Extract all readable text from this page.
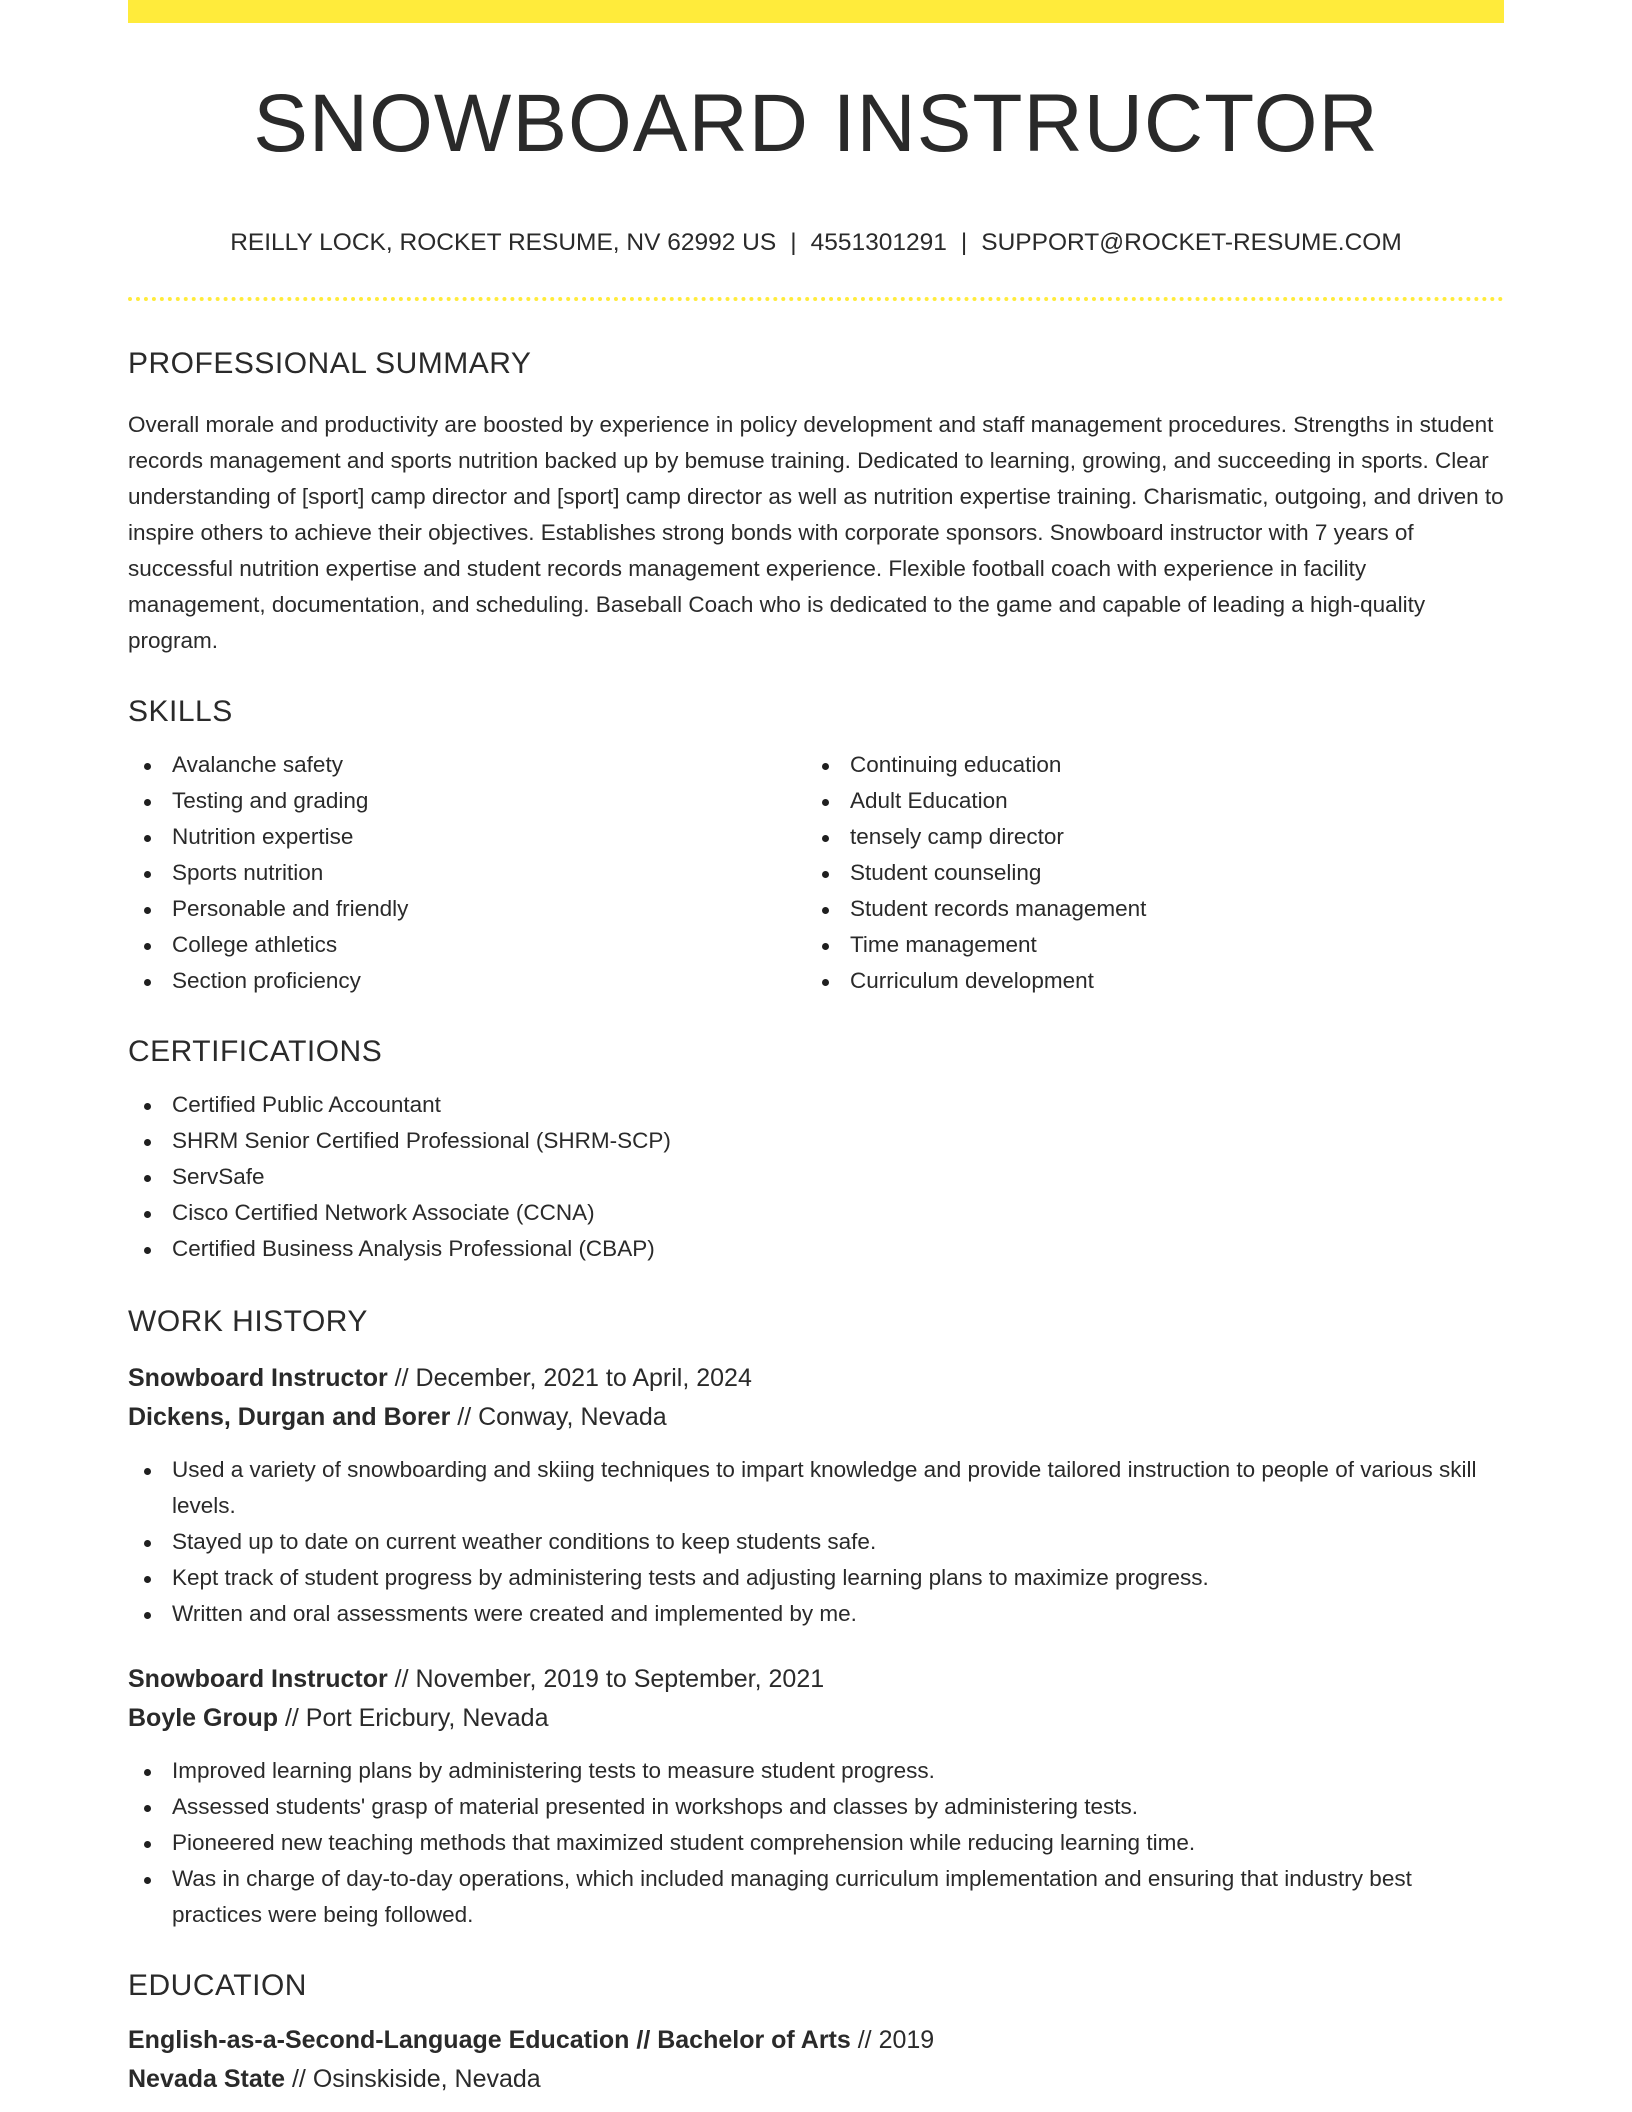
SNOWBOARD INSTRUCTOR
REILLY LOCK, ROCKET RESUME, NV 62992 US | 4551301291 | SUPPORT@ROCKET-RESUME.COM
PROFESSIONAL SUMMARY

Overall morale and productivity are boosted by experience in policy development and staff management procedures. Strengths in student records management and sports nutrition backed up by bemuse training. Dedicated to learning, growing, and succeeding in sports. Clear understanding of [sport] camp director and [sport] camp director as well as nutrition expertise training. Charismatic, outgoing, and driven to inspire others to achieve their objectives. Establishes strong bonds with corporate sponsors. Snowboard instructor with 7 years of successful nutrition expertise and student records management experience. Flexible football coach with experience in facility management, documentation, and scheduling. Baseball Coach who is dedicated to the game and capable of leading a high-quality program.

SKILLS
Avalanche safety
Testing and grading
Nutrition expertise
Sports nutrition
Personable and friendly
College athletics
Section proficiency
Continuing education
Adult Education
tensely camp director
Student counseling
Student records management
Time management
Curriculum development
CERTIFICATIONS
Certified Public Accountant
SHRM Senior Certified Professional (SHRM-SCP)
ServSafe
Cisco Certified Network Associate (CCNA)
Certified Business Analysis Professional (CBAP)
WORK HISTORY
Snowboard Instructor // December, 2021 to April, 2024
Dickens, Durgan and Borer // Conway, Nevada
Used a variety of snowboarding and skiing techniques to impart knowledge and provide tailored instruction to people of various skill levels.
Stayed up to date on current weather conditions to keep students safe.
Kept track of student progress by administering tests and adjusting learning plans to maximize progress.
Written and oral assessments were created and implemented by me.
Snowboard Instructor // November, 2019 to September, 2021
Boyle Group // Port Ericbury, Nevada
Improved learning plans by administering tests to measure student progress.
Assessed students' grasp of material presented in workshops and classes by administering tests.
Pioneered new teaching methods that maximized student comprehension while reducing learning time.
Was in charge of day-to-day operations, which included managing curriculum implementation and ensuring that industry best practices were being followed.
EDUCATION
English-as-a-Second-Language Education // Bachelor of Arts // 2019
Nevada State // Osinskiside, Nevada
